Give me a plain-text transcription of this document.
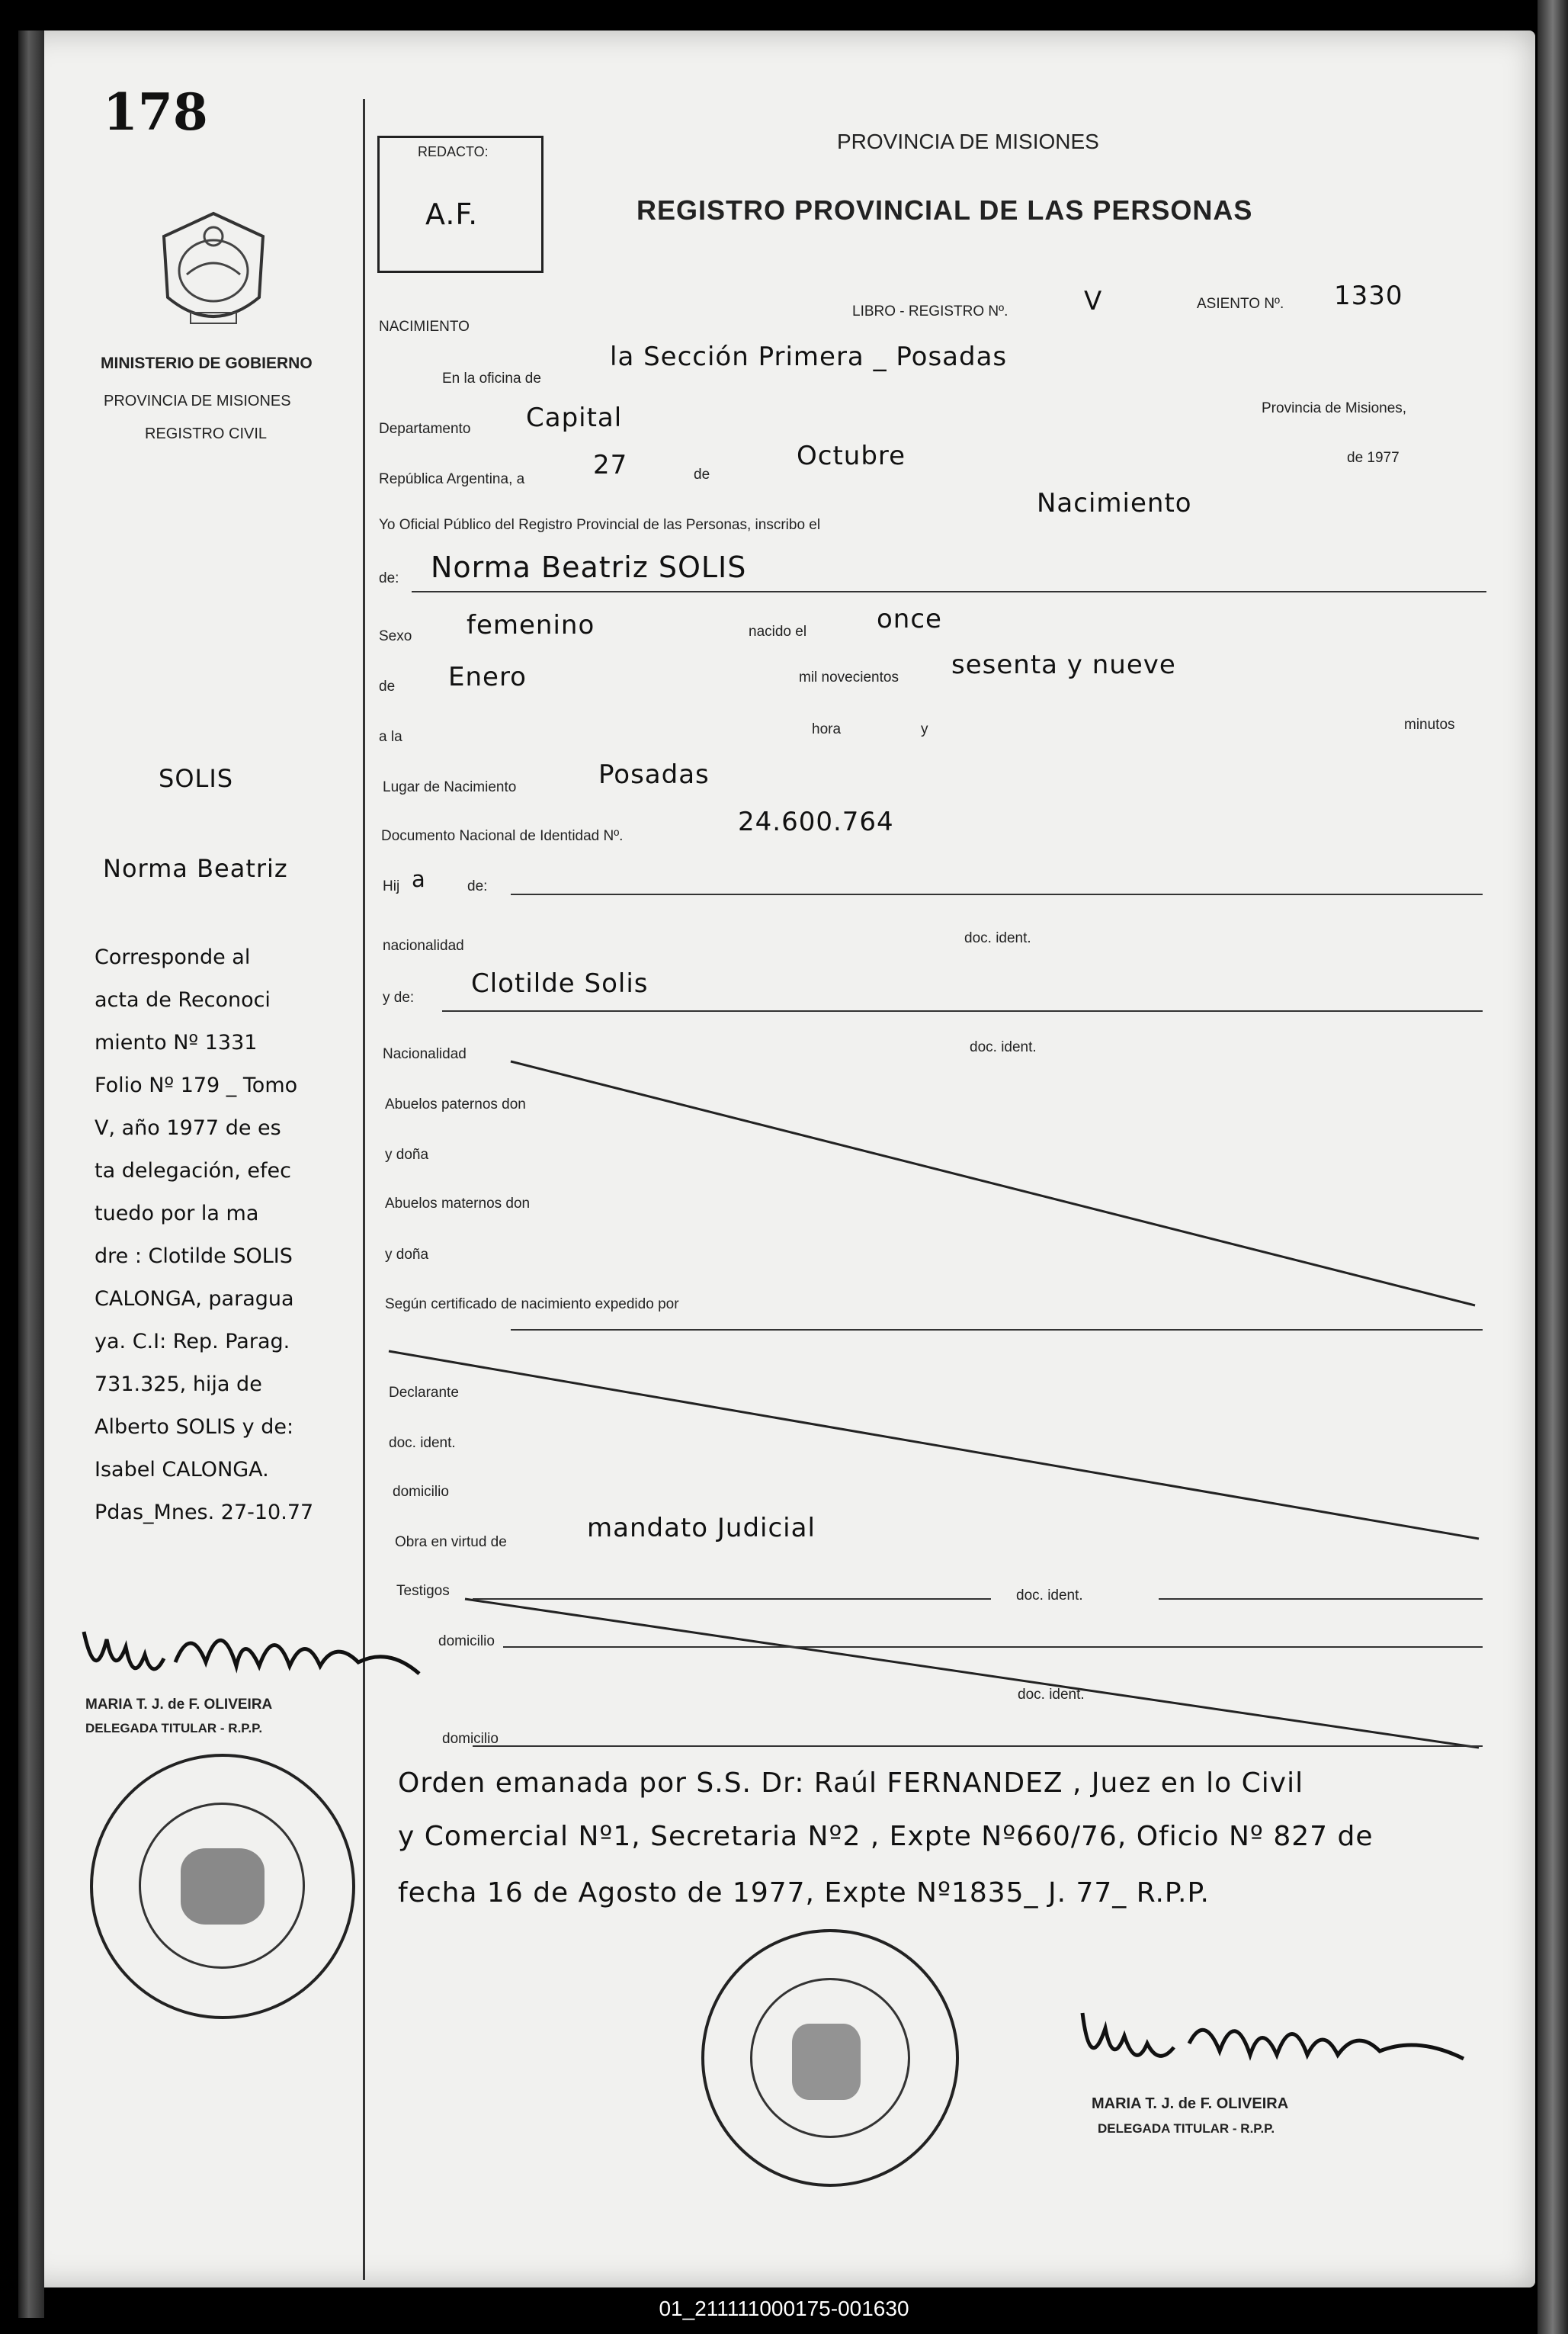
178
MINISTERIO DE GOBIERNO
PROVINCIA DE MISIONES
REGISTRO CIVIL
REDACTO:
A.F.
PROVINCIA DE MISIONES
REGISTRO PROVINCIAL DE LAS PERSONAS
NACIMIENTO
LIBRO - REGISTRO Nº.	V	ASIENTO Nº. 1330
En la oficina de
la Sección Primera _ Posadas
Departamento Capital	Provincia de Misiones,
República Argentina, a	27	de
Octubre	de 1977
Yo Oficial Público del Registro Provincial de las Personas, inscribo el
Nacimiento
de: Norma Beatriz SOLIS
Sexo femenino	nacido el	once
de Enero	mil novecientos sesenta y nueve
a la	hora	y	minutos
Lugar de Nacimiento	Posadas
Documento Nacional de Identidad Nº.	24.600.764
Hij a	de:
nacionalidad	doc. ident.
y de: Clotilde Solis
Nacionalidad	doc. ident.
Abuelos paternos don
y doña
Abuelos maternos don
y doña
Según certificado de nacimiento expedido por
Declarante
doc. ident.
domicilio
Obra en virtud de	mandato Judicial
Testigos	doc. ident.
domicilio
doc. ident.
domicilio
Orden emanada por S.S. Dr: Raúl FERNANDEZ , Juez en lo Civil
y Comercial Nº1, Secretaria Nº2 , Expte Nº660/76, Oficio Nº 827 de
fecha 16 de Agosto de 1977, Expte Nº1835_ J. 77_ R.P.P.
SOLIS
Norma Beatriz
Corresponde al
acta de Reconoci
miento Nº 1331
Folio Nº 179 _ Tomo
V, año 1977 de es
ta delegación, efec
tuedo por la ma
dre : Clotilde SOLIS
CALONGA, paragua
ya. C.I: Rep. Parag.
731.325, hija de
Alberto SOLIS y de:
Isabel CALONGA.
Pdas_Mnes. 27-10.77
MARIA T. J. de F. OLIVEIRA
DELEGADA TITULAR - R.P.P.
MARIA T. J. de F. OLIVEIRA
DELEGADA TITULAR - R.P.P.
01_211111000175-001630
